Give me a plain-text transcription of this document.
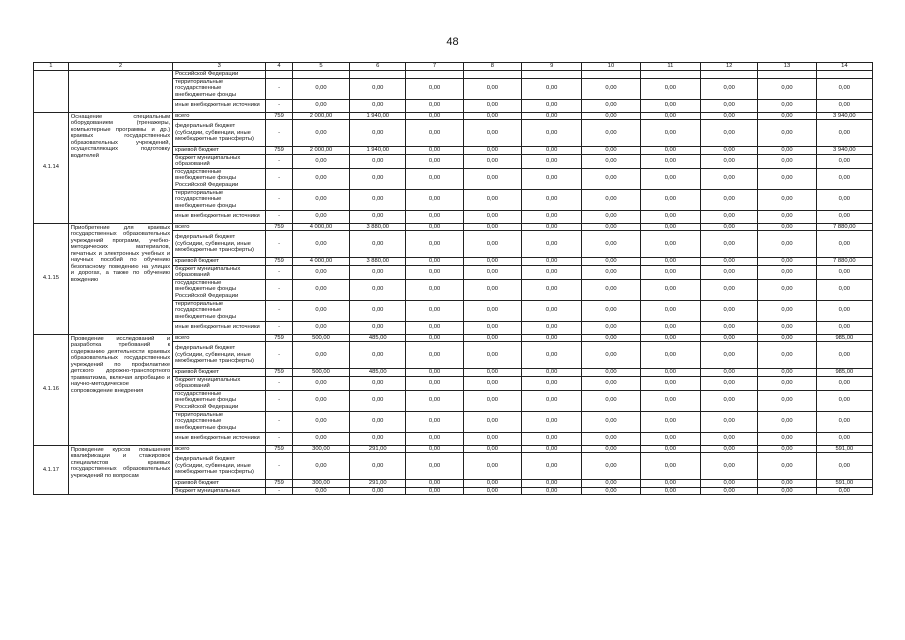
48
1	2	3	4	5	6	7	8	9	10	11	12	13	14
		Российской Федерации											
		территориальные государственные внебюджетные фонды	-	0,00	0,00	0,00	0,00	0,00	0,00	0,00	0,00	0,00	0,00
		иные внебюджетные источники	-	0,00	0,00	0,00	0,00	0,00	0,00	0,00	0,00	0,00	0,00
4.1.14	Оснащение специальным оборудованием (тренажеры, компьютерные программы и др.) краевых государственных образовательных учреждений, осуществляющих подготовку водителей	всего	759	2 000,00	1 940,00	0,00	0,00	0,00	0,00	0,00	0,00	0,00	3 940,00
		федеральный бюджет (субсидии, субвенции, иные межбюджетные трансферты)	-	0,00	0,00	0,00	0,00	0,00	0,00	0,00	0,00	0,00	0,00
		краевой бюджет	759	2 000,00	1 940,00	0,00	0,00	0,00	0,00	0,00	0,00	0,00	3 940,00
		бюджет муниципальных образований	-	0,00	0,00	0,00	0,00	0,00	0,00	0,00	0,00	0,00	0,00
		государственные внебюджетные фонды Российской Федерации	-	0,00	0,00	0,00	0,00	0,00	0,00	0,00	0,00	0,00	0,00
		территориальные государственные внебюджетные фонды	-	0,00	0,00	0,00	0,00	0,00	0,00	0,00	0,00	0,00	0,00
		иные внебюджетные источники	-	0,00	0,00	0,00	0,00	0,00	0,00	0,00	0,00	0,00	0,00
4.1.15	Приобретение для краевых государственных образовательных учреждений программ, учебно-методических материалов, печатных и электронных учебных и научных пособий по обучению безопасному поведению на улицах и дорогах, а также по обучению вождению	всего	759	4 000,00	3 880,00	0,00	0,00	0,00	0,00	0,00	0,00	0,00	7 880,00
		федеральный бюджет (субсидии, субвенции, иные межбюджетные трансферты)	-	0,00	0,00	0,00	0,00	0,00	0,00	0,00	0,00	0,00	0,00
		краевой бюджет	759	4 000,00	3 880,00	0,00	0,00	0,00	0,00	0,00	0,00	0,00	7 880,00
		бюджет муниципальных образований	-	0,00	0,00	0,00	0,00	0,00	0,00	0,00	0,00	0,00	0,00
		государственные внебюджетные фонды Российской Федерации	-	0,00	0,00	0,00	0,00	0,00	0,00	0,00	0,00	0,00	0,00
		территориальные государственные внебюджетные фонды	-	0,00	0,00	0,00	0,00	0,00	0,00	0,00	0,00	0,00	0,00
		иные внебюджетные источники	-	0,00	0,00	0,00	0,00	0,00	0,00	0,00	0,00	0,00	0,00
4.1.16	Проведение исследований и разработка требований к содержанию деятельности краевых образовательных государственных учреждений по профилактике детского дорожно-транспортного травматизма, включая апробацию и научно-методическое сопровождение внедрения	всего	759	500,00	485,00	0,00	0,00	0,00	0,00	0,00	0,00	0,00	985,00
		федеральный бюджет (субсидии, субвенции, иные межбюджетные трансферты)	-	0,00	0,00	0,00	0,00	0,00	0,00	0,00	0,00	0,00	0,00
		краевой бюджет	759	500,00	485,00	0,00	0,00	0,00	0,00	0,00	0,00	0,00	985,00
		бюджет муниципальных образований	-	0,00	0,00	0,00	0,00	0,00	0,00	0,00	0,00	0,00	0,00
		государственные внебюджетные фонды Российской Федерации	-	0,00	0,00	0,00	0,00	0,00	0,00	0,00	0,00	0,00	0,00
		территориальные государственные внебюджетные фонды	-	0,00	0,00	0,00	0,00	0,00	0,00	0,00	0,00	0,00	0,00
		иные внебюджетные источники	-	0,00	0,00	0,00	0,00	0,00	0,00	0,00	0,00	0,00	0,00
4.1.17	Проведение курсов повышения квалификации и стажировок специалистов краевых государственных образовательных учреждений по вопросам	всего	759	300,00	291,00	0,00	0,00	0,00	0,00	0,00	0,00	0,00	591,00
		федеральный бюджет (субсидии, субвенции, иные межбюджетные трансферты)	-	0,00	0,00	0,00	0,00	0,00	0,00	0,00	0,00	0,00	0,00
		краевой бюджет	759	300,00	291,00	0,00	0,00	0,00	0,00	0,00	0,00	0,00	591,00
		бюджет муниципальных	-	0,00	0,00	0,00	0,00	0,00	0,00	0,00	0,00	0,00	0,00
